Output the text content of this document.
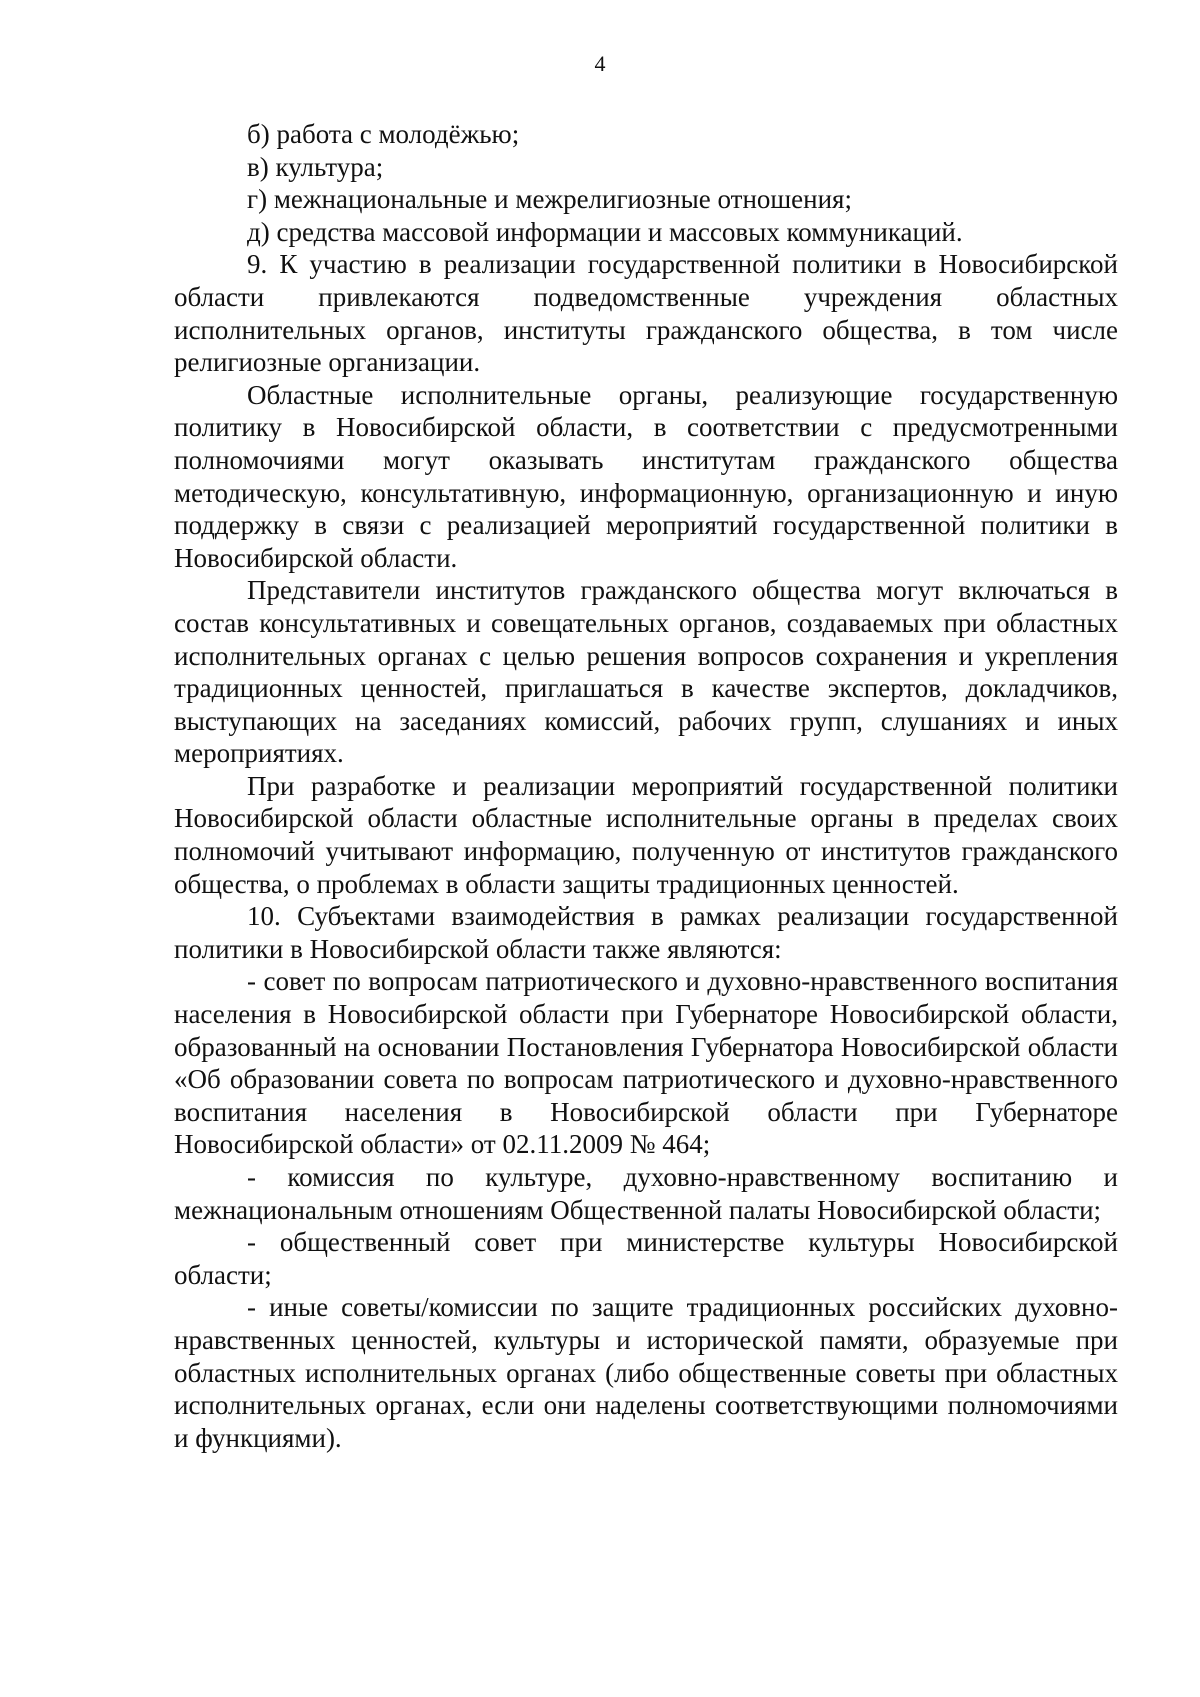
4

б) работа с молодёжью;

в) культура;

г) межнациональные и межрелигиозные отношения;

д) средства массовой информации и массовых коммуникаций.

9. К участию в реализации государственной политики в Новосибирской области привлекаются подведомственные учреждения областных исполнительных органов, институты гражданского общества, в том числе религиозные организации.

Областные исполнительные органы, реализующие государственную политику в Новосибирской области, в соответствии с предусмотренными полномочиями могут оказывать институтам гражданского общества методическую, консультативную, информационную, организационную и иную поддержку в связи с реализацией мероприятий государственной политики в Новосибирской области.

Представители институтов гражданского общества могут включаться в состав консультативных и совещательных органов, создаваемых при областных исполнительных органах с целью решения вопросов сохранения и укрепления традиционных ценностей, приглашаться в качестве экспертов, докладчиков, выступающих на заседаниях комиссий, рабочих групп, слушаниях и иных мероприятиях.

При разработке и реализации мероприятий государственной политики Новосибирской области областные исполнительные органы в пределах своих полномочий учитывают информацию, полученную от институтов гражданского общества, о проблемах в области защиты традиционных ценностей.

10. Субъектами взаимодействия в рамках реализации государственной политики в Новосибирской области также являются:

- совет по вопросам патриотического и духовно-нравственного воспитания населения в Новосибирской области при Губернаторе Новосибирской области, образованный на основании Постановления Губернатора Новосибирской области «Об образовании совета по вопросам патриотического и духовно-нравственного воспитания населения в Новосибирской области при Губернаторе Новосибирской области» от 02.11.2009 № 464;

- комиссия по культуре, духовно-нравственному воспитанию и межнациональным отношениям Общественной палаты Новосибирской области;

- общественный совет при министерстве культуры Новосибирской области;

- иные советы/комиссии по защите традиционных российских духовно-нравственных ценностей, культуры и исторической памяти, образуемые при областных исполнительных органах (либо общественные советы при областных исполнительных органах, если они наделены соответствующими полномочиями и функциями).
